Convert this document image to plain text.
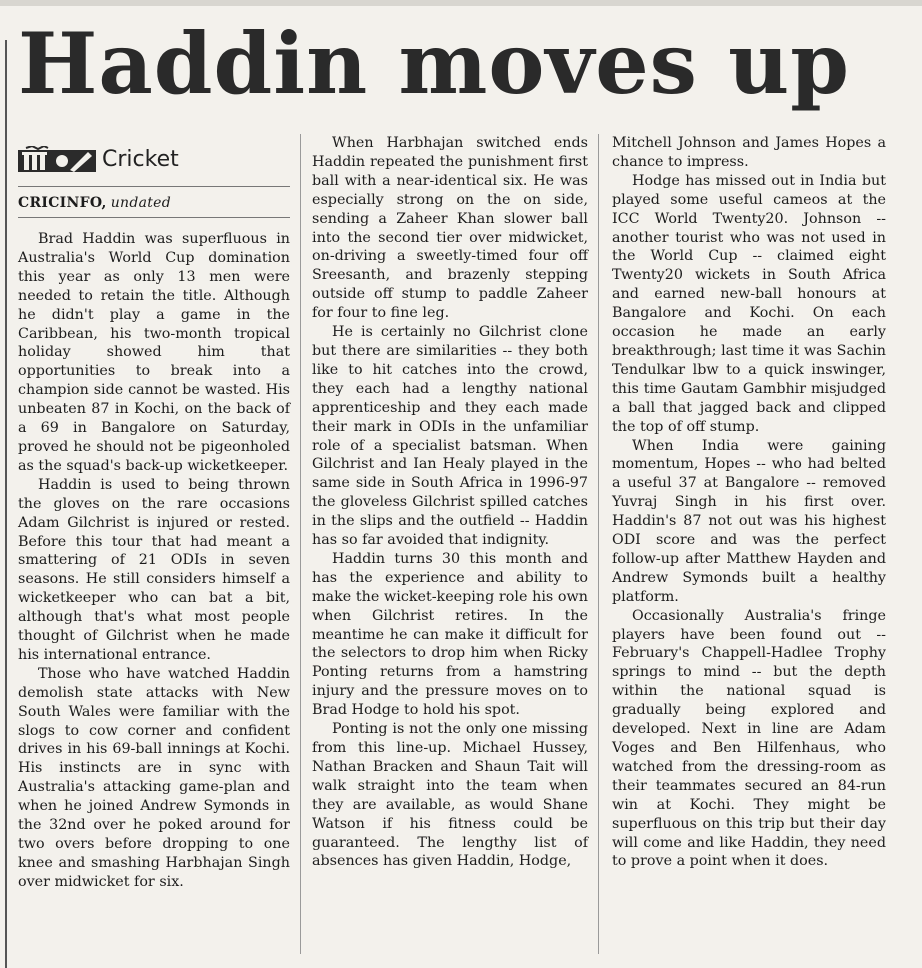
Haddin moves up
Cricket
CRICINFO, undated

Brad Haddin was superfluous in Australia's World Cup domination this year as only 13 men were needed to retain the title. Although he didn't play a game in the Caribbean, his two-month tropical holiday showed him that opportunities to break into a champion side cannot be wasted. His unbeaten 87 in Kochi, on the back of a 69 in Bangalore on Saturday, proved he should not be pigeonholed as the squad's back-up wicketkeeper.

Haddin is used to being thrown the gloves on the rare occasions Adam Gilchrist is injured or rested. Before this tour that had meant a smattering of 21 ODIs in seven seasons. He still considers himself a wicketkeeper who can bat a bit, although that's what most people thought of Gilchrist when he made his international entrance.

Those who have watched Haddin demolish state attacks with New South Wales were familiar with the slogs to cow corner and confident drives in his 69-ball innings at Kochi. His instincts are in sync with Australia's attacking game-plan and when he joined Andrew Symonds in the 32nd over he poked around for two overs before dropping to one knee and smashing Harbhajan Singh over midwicket for six.

When Harbhajan switched ends Haddin repeated the punishment first ball with a near-identical six. He was especially strong on the on side, sending a Zaheer Khan slower ball into the second tier over midwicket, on-driving a sweetly-timed four off Sreesanth, and brazenly stepping outside off stump to paddle Zaheer for four to fine leg.

He is certainly no Gilchrist clone but there are similarities -- they both like to hit catches into the crowd, they each had a lengthy national apprenticeship and they each made their mark in ODIs in the unfamiliar role of a specialist batsman. When Gilchrist and Ian Healy played in the same side in South Africa in 1996-97 the gloveless Gilchrist spilled catches in the slips and the outfield -- Haddin has so far avoided that indignity.

Haddin turns 30 this month and has the experience and ability to make the wicket-keeping role his own when Gilchrist retires. In the meantime he can make it difficult for the selectors to drop him when Ricky Ponting returns from a hamstring injury and the pressure moves on to Brad Hodge to hold his spot.

Ponting is not the only one missing from this line-up. Michael Hussey, Nathan Bracken and Shaun Tait will walk straight into the team when they are available, as would Shane Watson if his fitness could be guaranteed. The lengthy list of absences has given Haddin, Hodge,

Mitchell Johnson and James Hopes a chance to impress.

Hodge has missed out in India but played some useful cameos at the ICC World Twenty20. Johnson -- another tourist who was not used in the World Cup -- claimed eight Twenty20 wickets in South Africa and earned new-ball honours at Bangalore and Kochi. On each occasion he made an early breakthrough; last time it was Sachin Tendulkar lbw to a quick inswinger, this time Gautam Gambhir misjudged a ball that jagged back and clipped the top of off stump.

When India were gaining momentum, Hopes -- who had belted a useful 37 at Bangalore -- removed Yuvraj Singh in his first over. Haddin's 87 not out was his highest ODI score and was the perfect follow-up after Matthew Hayden and Andrew Symonds built a healthy platform.

Occasionally Australia's fringe players have been found out -- February's Chappell-Hadlee Trophy springs to mind -- but the depth within the national squad is gradually being explored and developed. Next in line are Adam Voges and Ben Hilfenhaus, who watched from the dressing-room as their teammates secured an 84-run win at Kochi. They might be superfluous on this trip but their day will come and like Haddin, they need to prove a point when it does.
